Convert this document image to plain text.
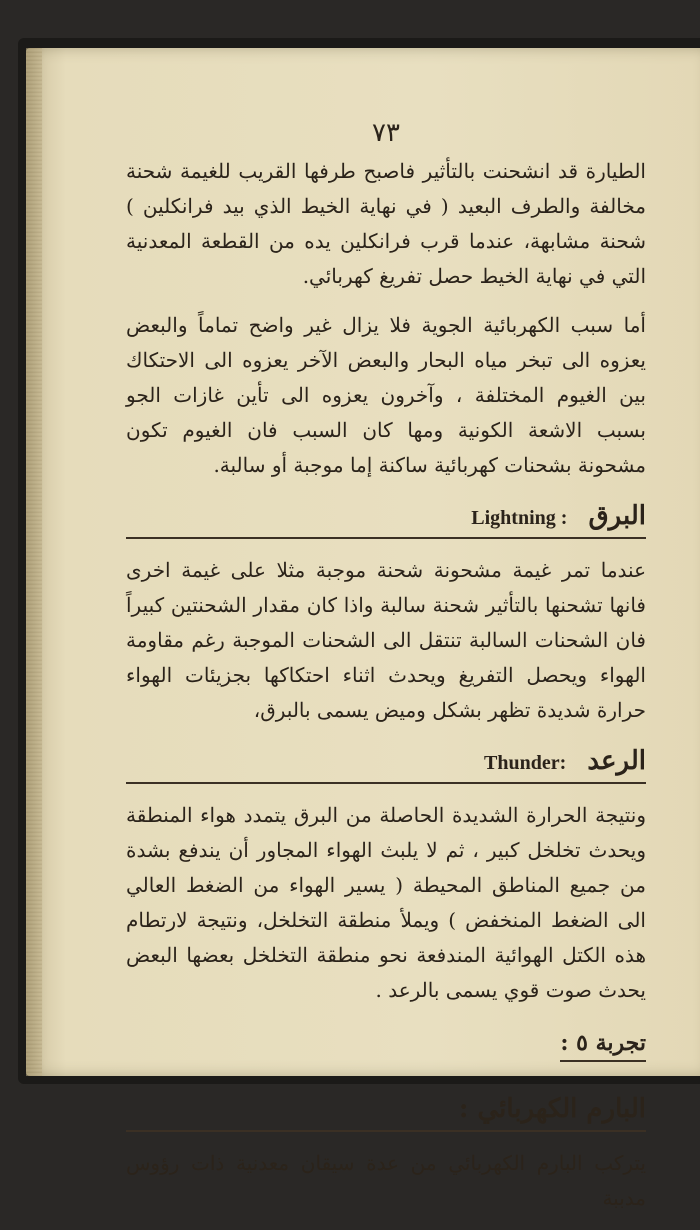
٧٣

الطيارة قد انشحنت بالتأثير فاصبح طرفها القريب للغيمة شحنة مخالفة والطرف البعيد ( في نهاية الخيط الذي بيد فرانكلين ) شحنة مشابهة، عندما قرب فرانكلين يده من القطعة المعدنية التي في نهاية الخيط حصل تفريغ كهربائي.

أما سبب الكهربائية الجوية فلا يزال غير واضح تماماً والبعض يعزوه الى تبخر مياه البحار والبعض الآخر يعزوه الى الاحتكاك بين الغيوم المختلفة ، وآخرون يعزوه الى تأين غازات الجو بسبب الاشعة الكونية ومها كان السبب فان الغيوم تكون مشحونة بشحنات كهربائية ساكنة إما موجبة أو سالبة.

البرق Lightning :

عندما تمر غيمة مشحونة شحنة موجبة مثلا على غيمة اخرى فانها تشحنها بالتأثير شحنة سالبة واذا كان مقدار الشحنتين كبيراً فان الشحنات السالبة تنتقل الى الشحنات الموجبة رغم مقاومة الهواء ويحصل التفريغ ويحدث اثناء احتكاكها بجزيئات الهواء حرارة شديدة تظهر بشكل وميض يسمى بالبرق،

الرعد Thunder:

ونتيجة الحرارة الشديدة الحاصلة من البرق يتمدد هواء المنطقة ويحدث تخلخل كبير ، ثم لا يلبث الهواء المجاور أن يندفع بشدة من جميع المناطق المحيطة ( يسير الهواء من الضغط العالي الى الضغط المنخفض ) ويملأ منطقة التخلخل، ونتيجة لارتطام هذه الكتل الهوائية المندفعة نحو منطقة التخلخل بعضها البعض يحدث صوت قوي يسمى بالرعد .

تجربة ٥ :
البارم الكهربائي :

يتركب البارم الكهربائي من عدة سيقان معدنية ذات رؤوس مدببة
